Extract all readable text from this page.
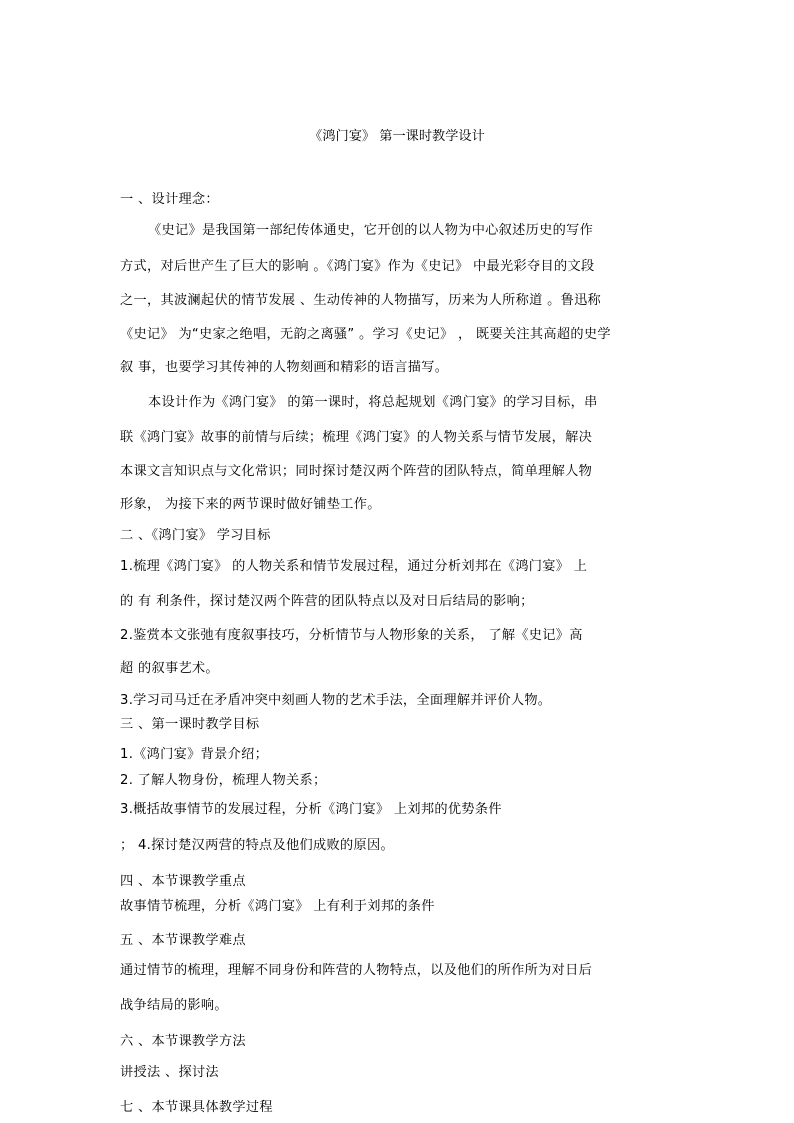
《鸿门宴》 第一课时教学设计
一 、设计理念：
《史记》是我国第一部纪传体通史，它开创的以人物为中心叙述历史的写作
方式，对后世产生了巨大的影响 。《鸿门宴》作为《史记》 中最光彩夺目的文段
之一，其波澜起伏的情节发展 、生动传神的人物描写，历来为人所称道 。鲁迅称
《史记》 为“史家之绝唱，无韵之离骚” 。学习《史记》 ， 既要关注其高超的史学
叙 事，也要学习其传神的人物刻画和精彩的语言描写。
本设计作为《鸿门宴》 的第一课时，将总起规划《鸿门宴》的学习目标，串
联《鸿门宴》故事的前情与后续；梳理《鸿门宴》的人物关系与情节发展，解决
本课文言知识点与文化常识；同时探讨楚汉两个阵营的团队特点，简单理解人物
形象， 为接下来的两节课时做好铺垫工作。
二 、《鸿门宴》 学习目标
1.梳理《鸿门宴》 的人物关系和情节发展过程，通过分析刘邦在《鸿门宴》 上
的 有 利条件，探讨楚汉两个阵营的团队特点以及对日后结局的影响；
2.鉴赏本文张弛有度叙事技巧，分析情节与人物形象的关系， 了解《史记》高
超 的叙事艺术。
3.学习司马迁在矛盾冲突中刻画人物的艺术手法，全面理解并评价人物。
三 、第一课时教学目标
1.《鸿门宴》背景介绍；
2. 了解人物身份，梳理人物关系；
3.概括故事情节的发展过程，分析《鸿门宴》 上刘邦的优势条件
； 4.探讨楚汉两营的特点及他们成败的原因。
四 、本节课教学重点
故事情节梳理，分析《鸿门宴》 上有利于刘邦的条件
五 、本节课教学难点
通过情节的梳理，理解不同身份和阵营的人物特点，以及他们的所作所为对日后
战争结局的影响。
六 、本节课教学方法
讲授法 、探讨法
七 、本节课具体教学过程
